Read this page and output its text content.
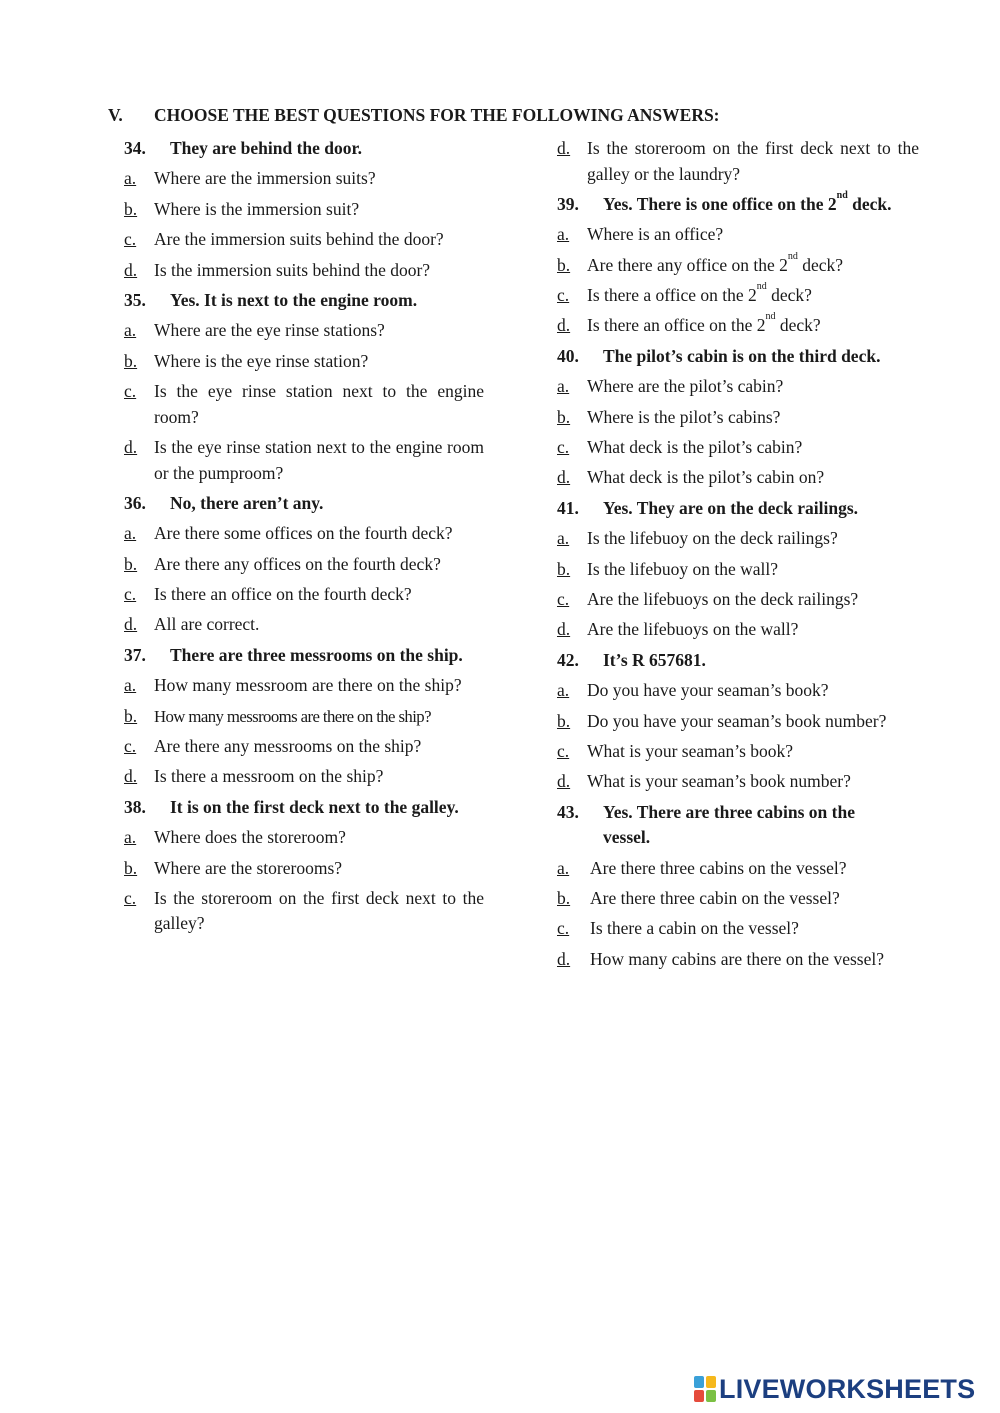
V. CHOOSE THE BEST QUESTIONS FOR THE FOLLOWING ANSWERS:
34.	They are behind the door.
a.	Where are the immersion suits?
b. Where is the immersion suit?
c.	Are the immersion suits behind the door?
d. Is the immersion suits behind the door?
35.	Yes. It is next to the engine room.
a.	Where are the eye rinse stations?
b. Where is the eye rinse station?
c.	Is the eye rinse station next to the engine room?
d. Is the eye rinse station next to the engine room or the pumproom?
36.	No, there aren’t any.
a.	Are there some offices on the fourth deck?
b. Are there any offices on the fourth deck?
c.	Is there an office on the fourth deck?
d. All are correct.
37.	There are three messrooms on the ship.
a.	How many messroom are there on the ship?
b.	How many messrooms are there on the ship?
c.	Are there any messrooms on the ship?
d. Is there a messroom on the ship?
38.	It is on the first deck next to the galley.
a.	Where does the storeroom?
b. Where are the storerooms?
c.	Is the storeroom on the first deck next to the galley?
d. Is the storeroom on the first deck next to the galley or the laundry?
39.	Yes. There is one office on the 2nd deck.
a.	Where is an office?
b. Are there any office on the 2nd deck?
c.	Is there a office on the 2nd deck?
d. Is there an office on the 2nd deck?
40.	The pilot’s cabin is on the third deck.
a.	Where are the pilot’s cabin?
b. Where is the pilot’s cabins?
c.	What deck is the pilot’s cabin?
d. What deck is the pilot’s cabin on?
41.	Yes. They are on the deck railings.
a.	Is the lifebuoy on the deck railings?
b. Is the lifebuoy on the wall?
c.	Are the lifebuoys on the deck railings?
d. Are the lifebuoys on the wall?
42.	It’s R 657681.
a.	Do you have your seaman’s book?
b. Do you have your seaman’s book number?
c.	What is your seaman’s book?
d. What is your seaman’s book number?
43.	Yes. There are three cabins on the vessel.
a.	Are there three cabins on the vessel?
b.	Are there three cabin on the vessel?
c.	Is there a cabin on the vessel?
d.	How many cabins are there on the vessel?
LIVEWORKSHEETS
